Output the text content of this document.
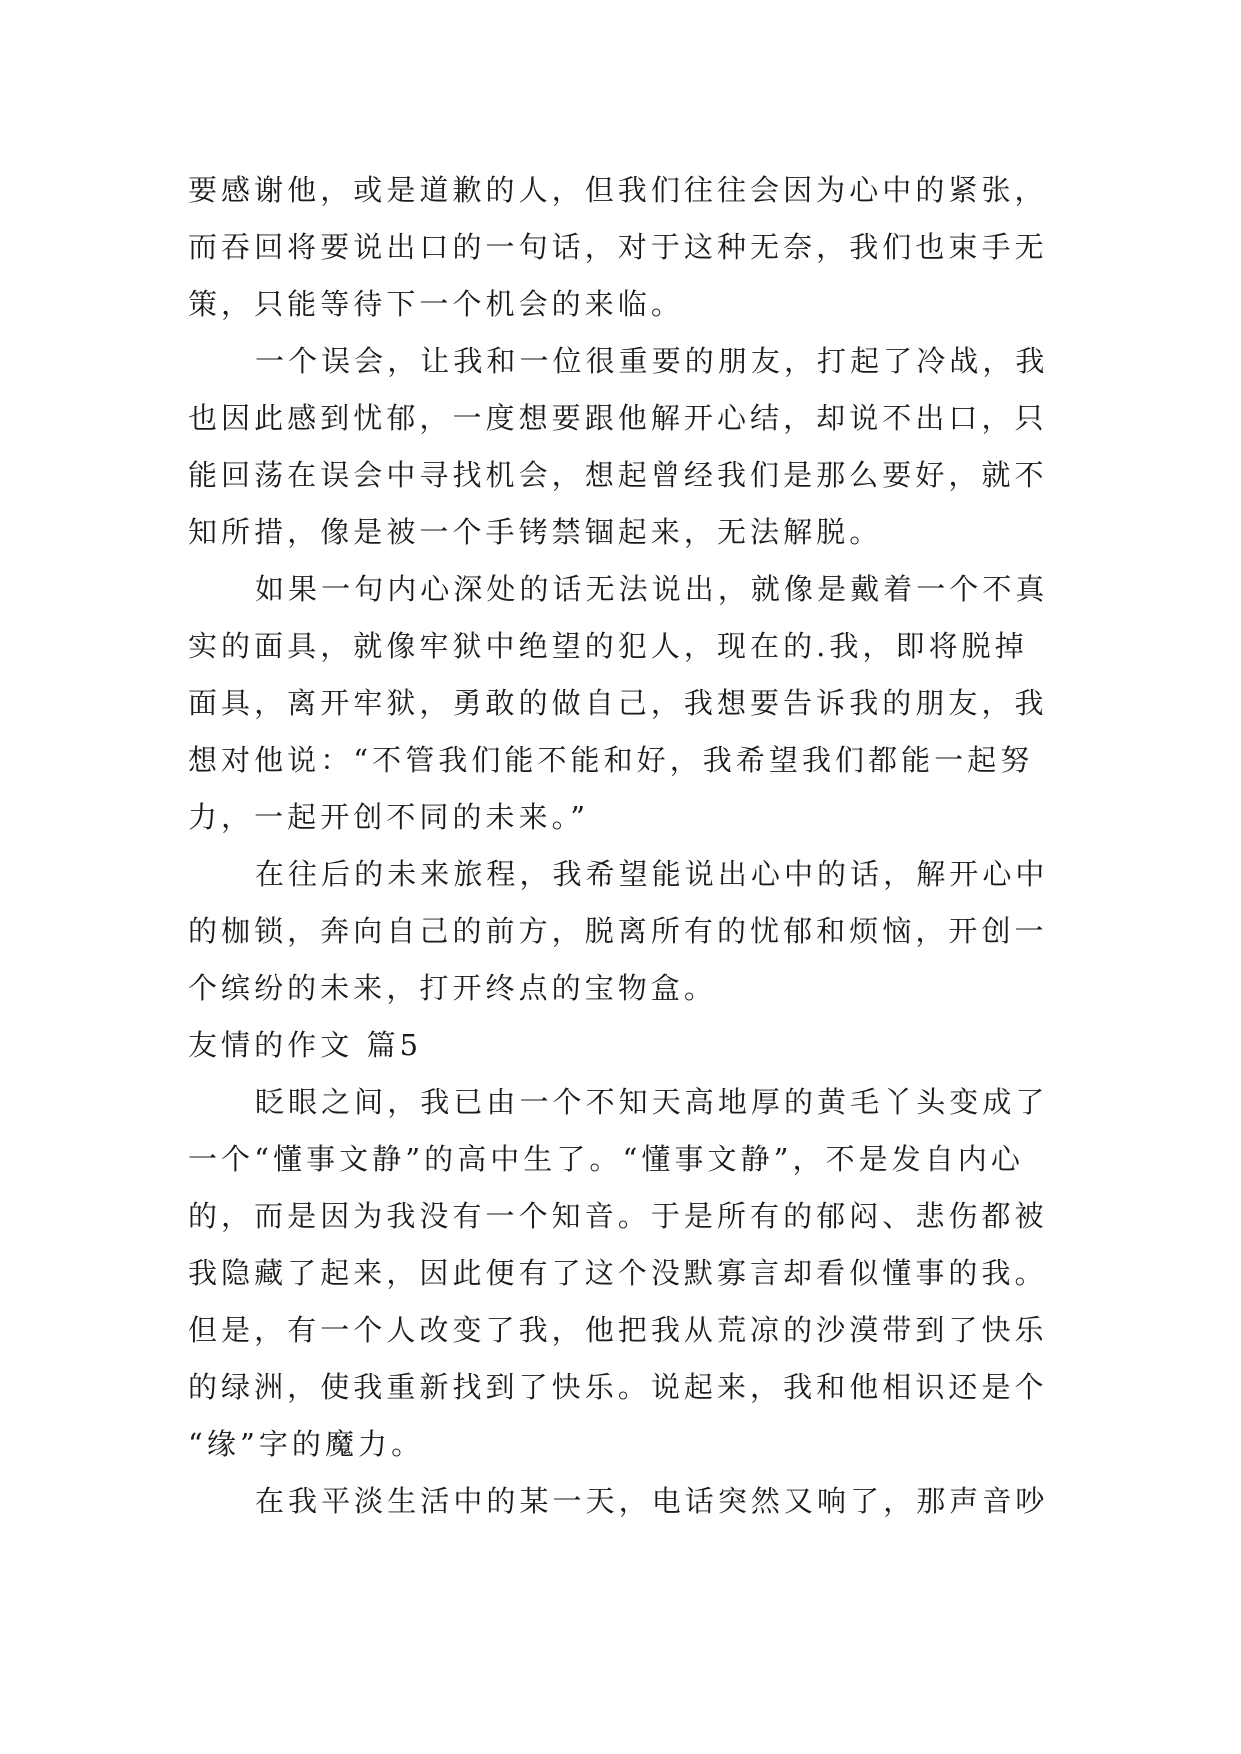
要感谢他，或是道歉的人，但我们往往会因为心中的紧张，
而吞回将要说出口的一句话，对于这种无奈，我们也束手无
策，只能等待下一个机会的来临。
一个误会，让我和一位很重要的朋友，打起了冷战，我
也因此感到忧郁，一度想要跟他解开心结，却说不出口，只
能回荡在误会中寻找机会，想起曾经我们是那么要好，就不
知所措，像是被一个手铐禁锢起来，无法解脱。
如果一句内心深处的话无法说出，就像是戴着一个不真
实的面具，就像牢狱中绝望的犯人，现在的.我，即将脱掉
面具，离开牢狱，勇敢的做自己，我想要告诉我的朋友，我
想对他说：“不管我们能不能和好，我希望我们都能一起努
力，一起开创不同的未来。”
在往后的未来旅程，我希望能说出心中的话，解开心中
的枷锁，奔向自己的前方，脱离所有的忧郁和烦恼，开创一
个缤纷的未来，打开终点的宝物盒。
友情的作文 篇5
眨眼之间，我已由一个不知天高地厚的黄毛丫头变成了
一个“懂事文静”的高中生了。“懂事文静”，不是发自内心
的，而是因为我没有一个知音。于是所有的郁闷、悲伤都被
我隐藏了起来，因此便有了这个没默寡言却看似懂事的我。
但是，有一个人改变了我，他把我从荒凉的沙漠带到了快乐
的绿洲，使我重新找到了快乐。说起来，我和他相识还是个
“缘”字的魔力。
在我平淡生活中的某一天，电话突然又响了，那声音吵
